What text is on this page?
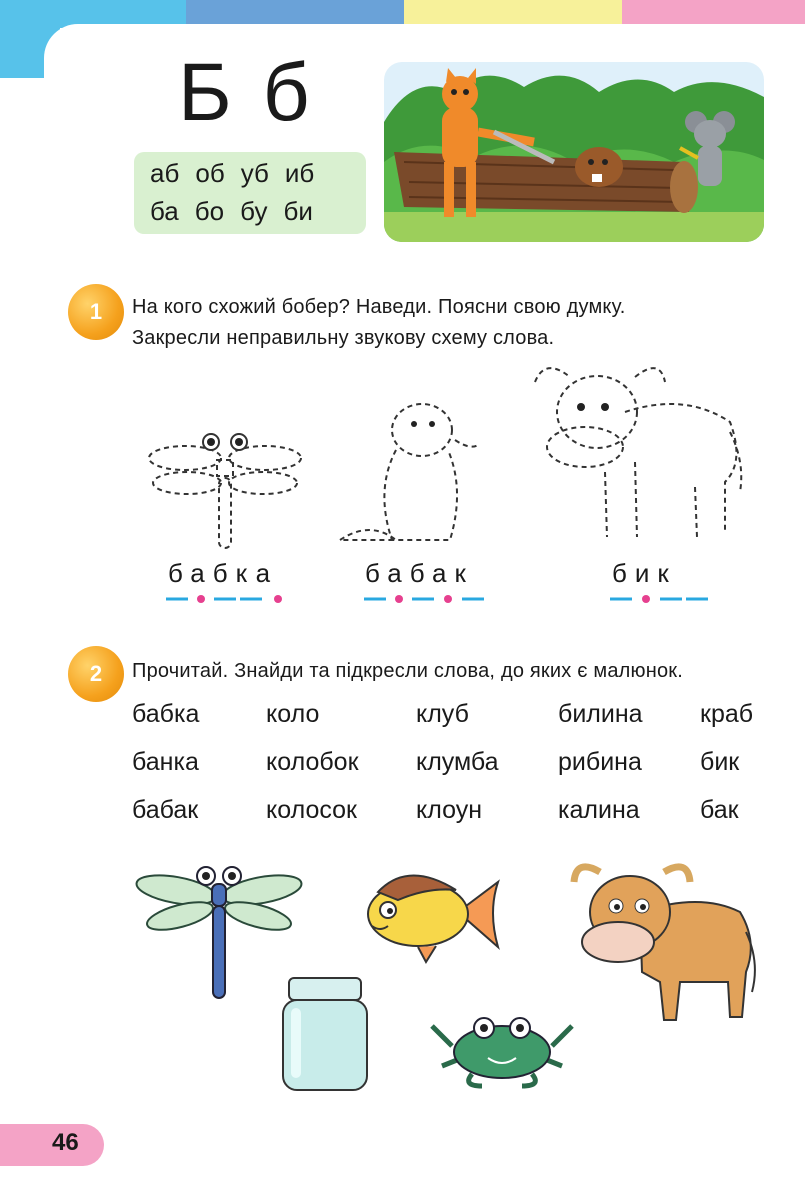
Б б
аб об уб иб
ба бо бу би
1 На кого схожий бобер? Наведи. Поясни свою думку.
Закресли неправильну звукову схему слова.
бабка	бабак	бик
2 Прочитай. Знайди та підкресли слова, до яких є малюнок.
бабка	коло	клуб	билина краб
банка	колобок клумба рибина бик
бабак	колосок клоун	калина бак
46
